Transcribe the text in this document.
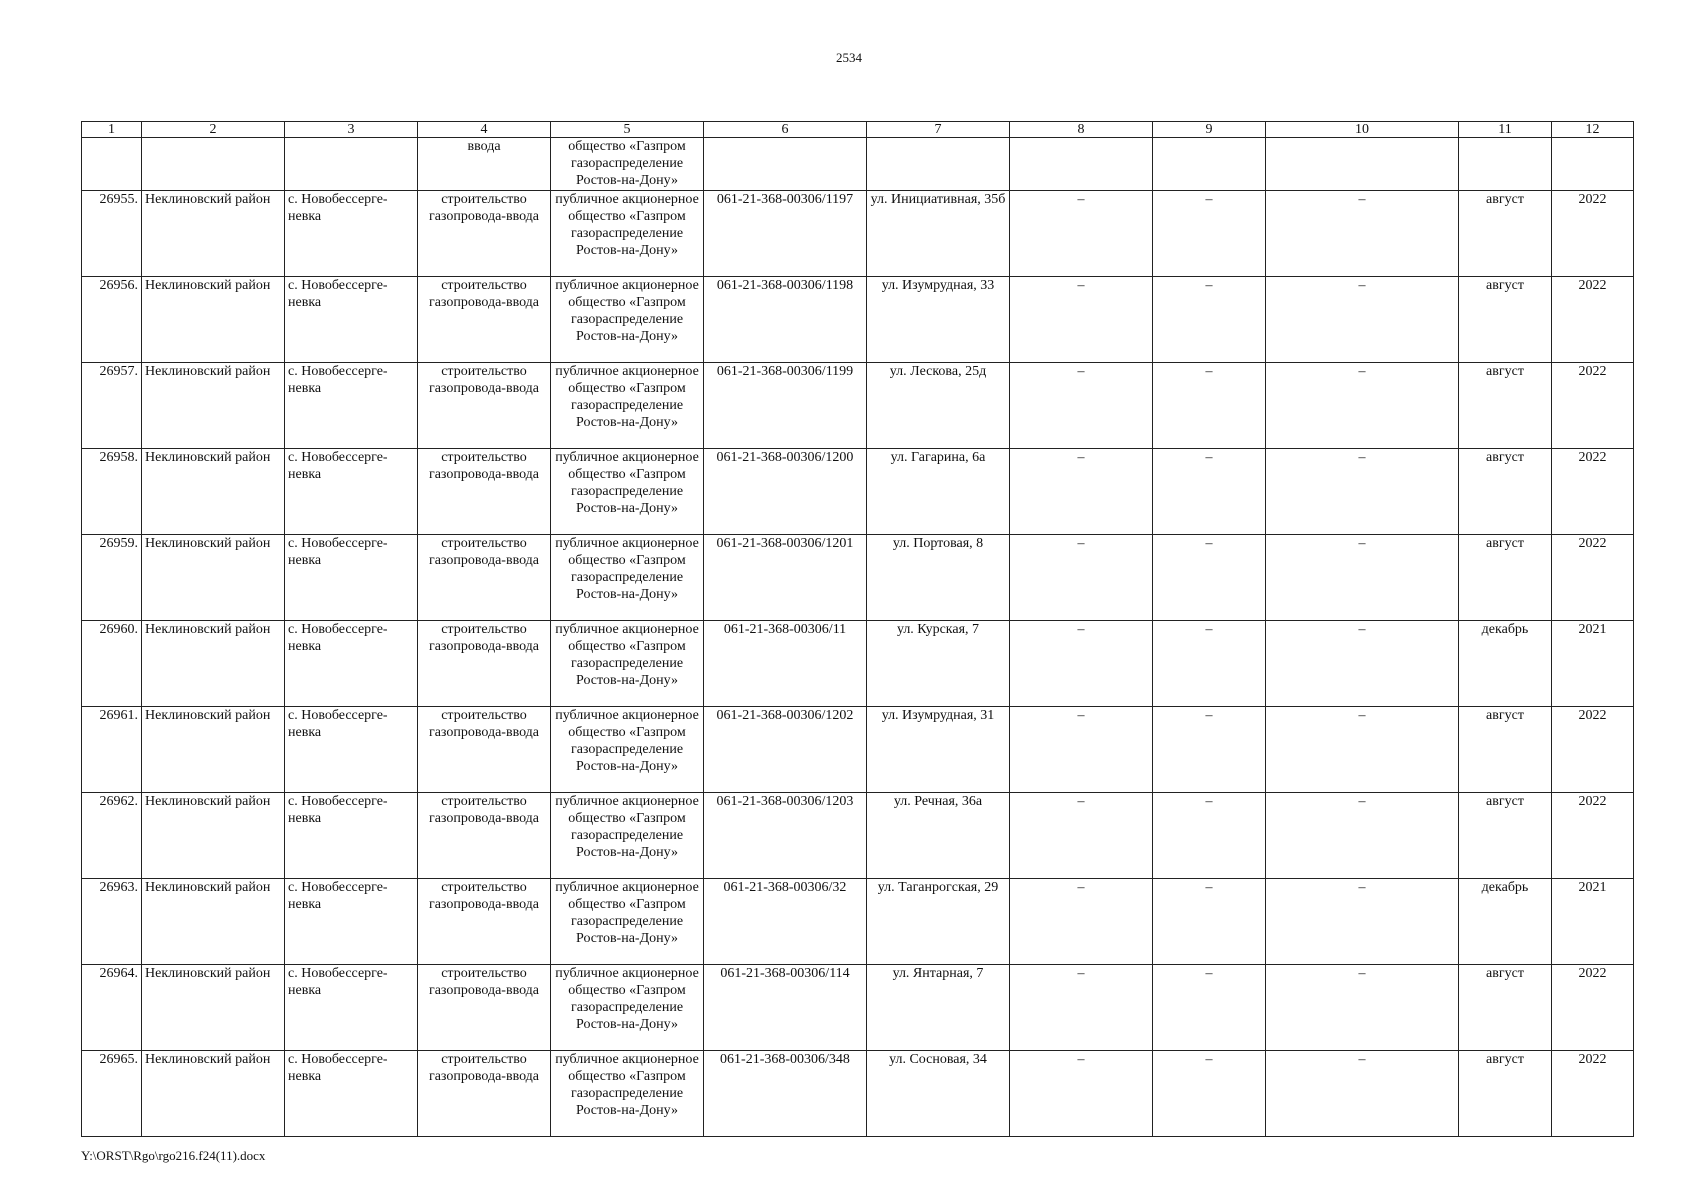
2534
1	2	3	4	5	6	7	8	9	10	11	12
			ввода	общество «Газпром газораспределение Ростов-на-Дону»							
26955.	Неклиновский район	с. Новобессерге-невка	строительство газопровода-ввода	публичное акционерное общество «Газпром газораспределение Ростов-на-Дону»	061-21-368-00306/1197	ул. Инициативная, 35б	–	–	–	август	2022
26956.	Неклиновский район	с. Новобессерге-невка	строительство газопровода-ввода	публичное акционерное общество «Газпром газораспределение Ростов-на-Дону»	061-21-368-00306/1198	ул. Изумрудная, 33	–	–	–	август	2022
26957.	Неклиновский район	с. Новобессерге-невка	строительство газопровода-ввода	публичное акционерное общество «Газпром газораспределение Ростов-на-Дону»	061-21-368-00306/1199	ул. Лескова, 25д	–	–	–	август	2022
26958.	Неклиновский район	с. Новобессерге-невка	строительство газопровода-ввода	публичное акционерное общество «Газпром газораспределение Ростов-на-Дону»	061-21-368-00306/1200	ул. Гагарина, 6а	–	–	–	август	2022
26959.	Неклиновский район	с. Новобессерге-невка	строительство газопровода-ввода	публичное акционерное общество «Газпром газораспределение Ростов-на-Дону»	061-21-368-00306/1201	ул. Портовая, 8	–	–	–	август	2022
26960.	Неклиновский район	с. Новобессерге-невка	строительство газопровода-ввода	публичное акционерное общество «Газпром газораспределение Ростов-на-Дону»	061-21-368-00306/11	ул. Курская, 7	–	–	–	декабрь	2021
26961.	Неклиновский район	с. Новобессерге-невка	строительство газопровода-ввода	публичное акционерное общество «Газпром газораспределение Ростов-на-Дону»	061-21-368-00306/1202	ул. Изумрудная, 31	–	–	–	август	2022
26962.	Неклиновский район	с. Новобессерге-невка	строительство газопровода-ввода	публичное акционерное общество «Газпром газораспределение Ростов-на-Дону»	061-21-368-00306/1203	ул. Речная, 36а	–	–	–	август	2022
26963.	Неклиновский район	с. Новобессерге-невка	строительство газопровода-ввода	публичное акционерное общество «Газпром газораспределение Ростов-на-Дону»	061-21-368-00306/32	ул. Таганрогская, 29	–	–	–	декабрь	2021
26964.	Неклиновский район	с. Новобессерге-невка	строительство газопровода-ввода	публичное акционерное общество «Газпром газораспределение Ростов-на-Дону»	061-21-368-00306/114	ул. Янтарная, 7	–	–	–	август	2022
26965.	Неклиновский район	с. Новобессерге-невка	строительство газопровода-ввода	публичное акционерное общество «Газпром газораспределение Ростов-на-Дону»	061-21-368-00306/348	ул. Сосновая, 34	–	–	–	август	2022
Y:\ORST\Rgo\rgo216.f24(11).docx
